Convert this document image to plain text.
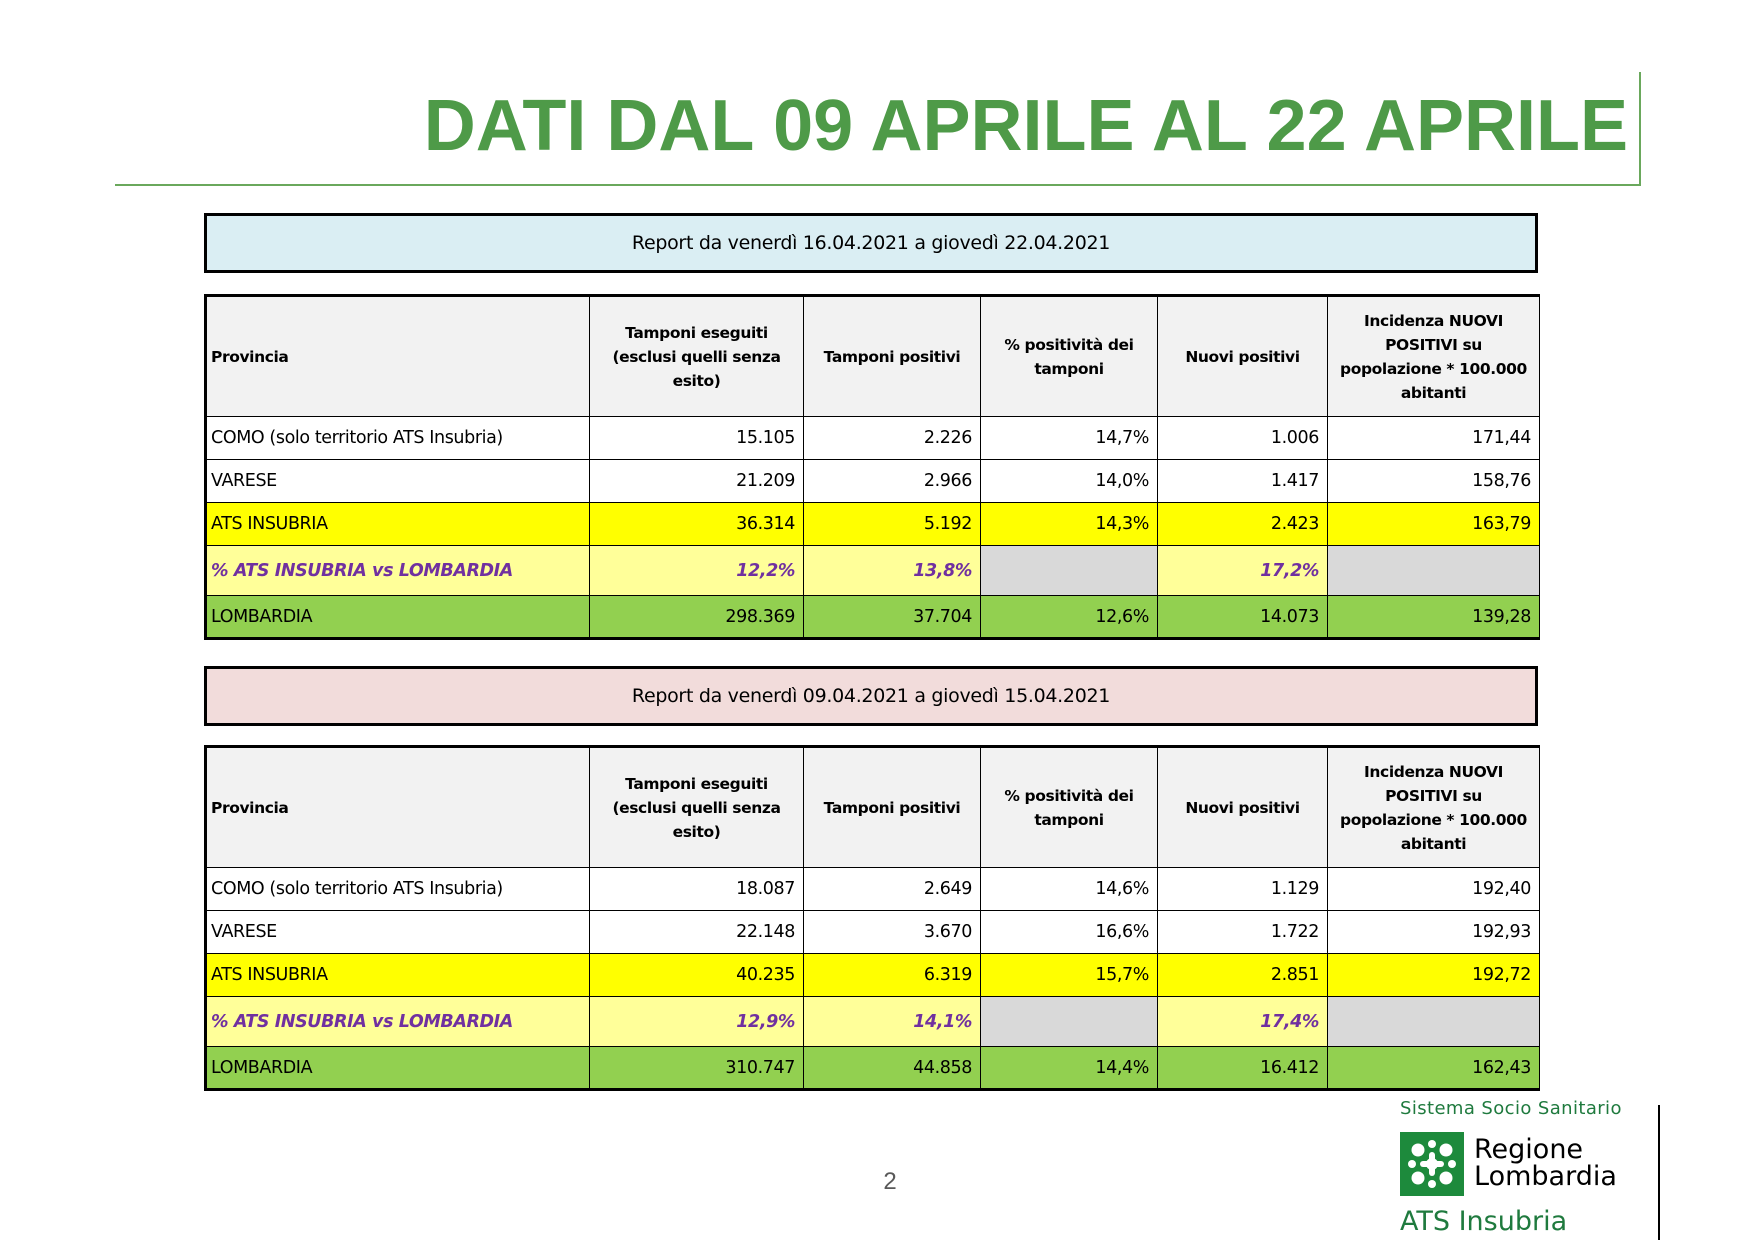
DATI DAL 09 APRILE AL 22 APRILE
Report da venerdì 16.04.2021 a giovedì 22.04.2021
Provincia	Tamponi eseguiti (esclusi quelli senza esito)	Tamponi positivi	% positività dei tamponi	Nuovi positivi	Incidenza NUOVI POSITIVI su popolazione * 100.000 abitanti
COMO (solo territorio ATS Insubria)	15.105	2.226	14,7%	1.006	171,44
VARESE	21.209	2.966	14,0%	1.417	158,76
ATS INSUBRIA	36.314	5.192	14,3%	2.423	163,79
% ATS INSUBRIA vs LOMBARDIA	12,2%	13,8%		17,2%	
LOMBARDIA	298.369	37.704	12,6%	14.073	139,28
Report da venerdì 09.04.2021 a giovedì 15.04.2021
Provincia	Tamponi eseguiti (esclusi quelli senza esito)	Tamponi positivi	% positività dei tamponi	Nuovi positivi	Incidenza NUOVI POSITIVI su popolazione * 100.000 abitanti
COMO (solo territorio ATS Insubria)	18.087	2.649	14,6%	1.129	192,40
VARESE	22.148	3.670	16,6%	1.722	192,93
ATS INSUBRIA	40.235	6.319	15,7%	2.851	192,72
% ATS INSUBRIA vs LOMBARDIA	12,9%	14,1%		17,4%	
LOMBARDIA	310.747	44.858	14,4%	16.412	162,43
2
Sistema Socio Sanitario
Regione
Lombardia
ATS Insubria
